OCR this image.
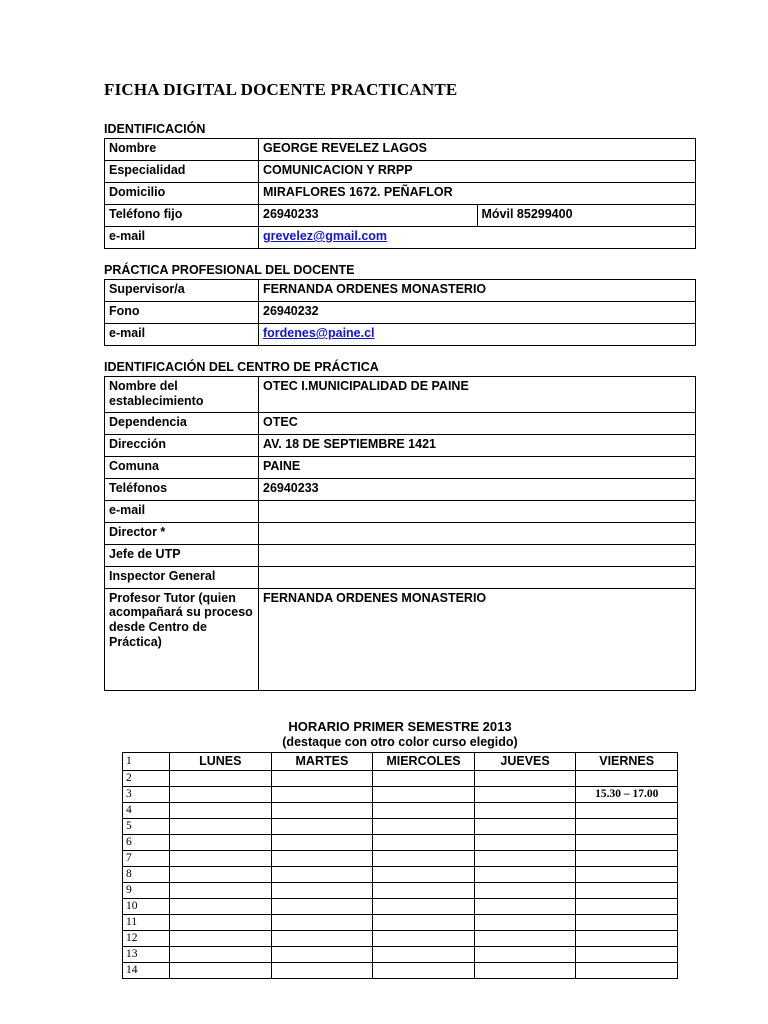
FICHA DIGITAL DOCENTE PRACTICANTE
IDENTIFICACIÓN
Nombre	GEORGE REVELEZ LAGOS	
Especialidad	COMUNICACION Y RRPP	
Domicilio	MIRAFLORES 1672. PEÑAFLOR	
Teléfono fijo	26940233	Móvil 85299400
e-mail	grevelez@gmail.com	
PRÁCTICA PROFESIONAL DEL DOCENTE
Supervisor/a	FERNANDA ORDENES MONASTERIO
Fono	26940232
e-mail	fordenes@paine.cl
IDENTIFICACIÓN DEL CENTRO DE PRÁCTICA
Nombre del establecimiento	OTEC I.MUNICIPALIDAD DE PAINE
Dependencia	OTEC
Dirección	AV. 18 DE SEPTIEMBRE 1421
Comuna	PAINE
Teléfonos	26940233
e-mail	
Director *	
Jefe de UTP	
Inspector General	
Profesor Tutor (quien acompañará su proceso desde Centro de Práctica)	FERNANDA ORDENES MONASTERIO
HORARIO PRIMER SEMESTRE 2013
(destaque con otro color curso elegido)
1	LUNES	MARTES	MIERCOLES	JUEVES	VIERNES
2					
3					15.30 – 17.00
4					
5					
6					
7					
8					
9					
10					
11					
12					
13					
14					
